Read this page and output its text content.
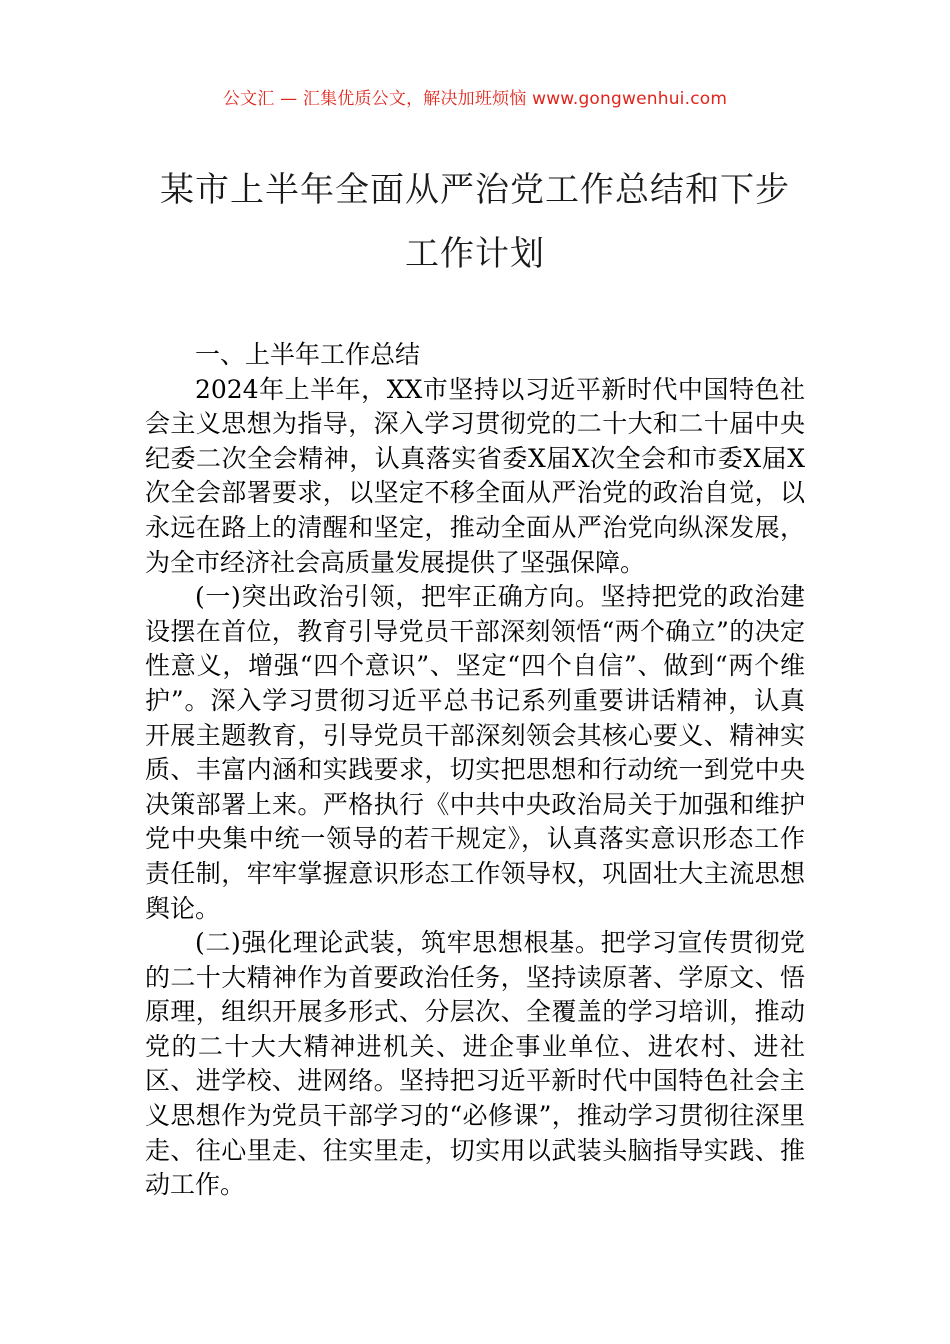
公文汇 — 汇集优质公文，解决加班烦恼 www.gongwenhui.com
某市上半年全面从严治党工作总结和下步
工作计划

一、上半年工作总结

2024年上半年，XX市坚持以习近平新时代中国特色社会主义思想为指导，深入学习贯彻党的二十大和二十届中央纪委二次全会精神，认真落实省委X届X次全会和市委X届X次全会部署要求，以坚定不移全面从严治党的政治自觉，以永远在路上的清醒和坚定，推动全面从严治党向纵深发展，为全市经济社会高质量发展提供了坚强保障。

(一)突出政治引领，把牢正确方向。坚持把党的政治建设摆在首位，教育引导党员干部深刻领悟“两个确立”的决定性意义，增强“四个意识”、坚定“四个自信”、做到“两个维护”。深入学习贯彻习近平总书记系列重要讲话精神，认真开展主题教育，引导党员干部深刻领会其核心要义、精神实质、丰富内涵和实践要求，切实把思想和行动统一到党中央决策部署上来。严格执行《中共中央政治局关于加强和维护党中央集中统一领导的若干规定》，认真落实意识形态工作责任制，牢牢掌握意识形态工作领导权，巩固壮大主流思想舆论。

(二)强化理论武装，筑牢思想根基。把学习宣传贯彻党的二十大精神作为首要政治任务，坚持读原著、学原文、悟原理，组织开展多形式、分层次、全覆盖的学习培训，推动党的二十大大精神进机关、进企事业单位、进农村、进社区、进学校、进网络。坚持把习近平新时代中国特色社会主义思想作为党员干部学习的“必修课”，推动学习贯彻往深里走、往心里走、往实里走，切实用以武装头脑指导实践、推动工作。
